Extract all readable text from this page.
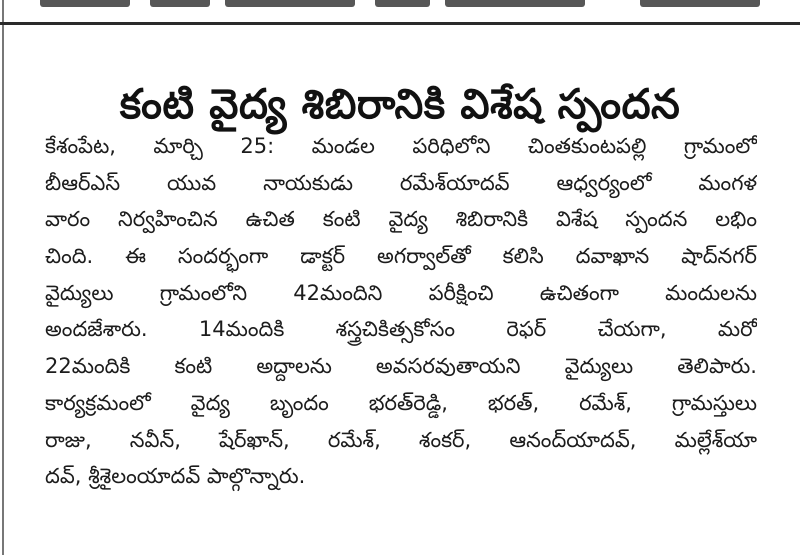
కంటి వైద్య శిబిరానికి విశేష స్పందన
కేశంపేట, మార్చి 25: మండల పరిధిలోని చింతకుంటపల్లి గ్రామంలో
బీఆర్ఎస్ యువ నాయకుడు రమేశ్‌యాదవ్ ఆధ్వర్యంలో మంగళ
వారం నిర్వహించిన ఉచిత కంటి వైద్య శిబిరానికి విశేష స్పందన లభిం
చింది. ఈ సందర్భంగా డాక్టర్ అగర్వాల్‌తో కలిసి దవాఖాన షాద్‌నగర్
వైద్యులు గ్రామంలోని 42మందిని పరీక్షించి ఉచితంగా మందులను
అందజేశారు. 14మందికి శస్త్రచికిత్సకోసం రెఫర్ చేయగా, మరో
22మందికి కంటి అద్దాలను అవసరవుతాయని వైద్యులు తెలిపారు.
కార్యక్రమంలో వైద్య బృందం భరత్‌రెడ్డి, భరత్, రమేశ్, గ్రామస్తులు
రాజు, నవీన్, షేర్‌ఖాన్, రమేశ్, శంకర్, ఆనంద్‌యాదవ్, మల్లేశ్‌యా
దవ్, శ్రీశైలంయాదవ్ పాల్గొన్నారు.
